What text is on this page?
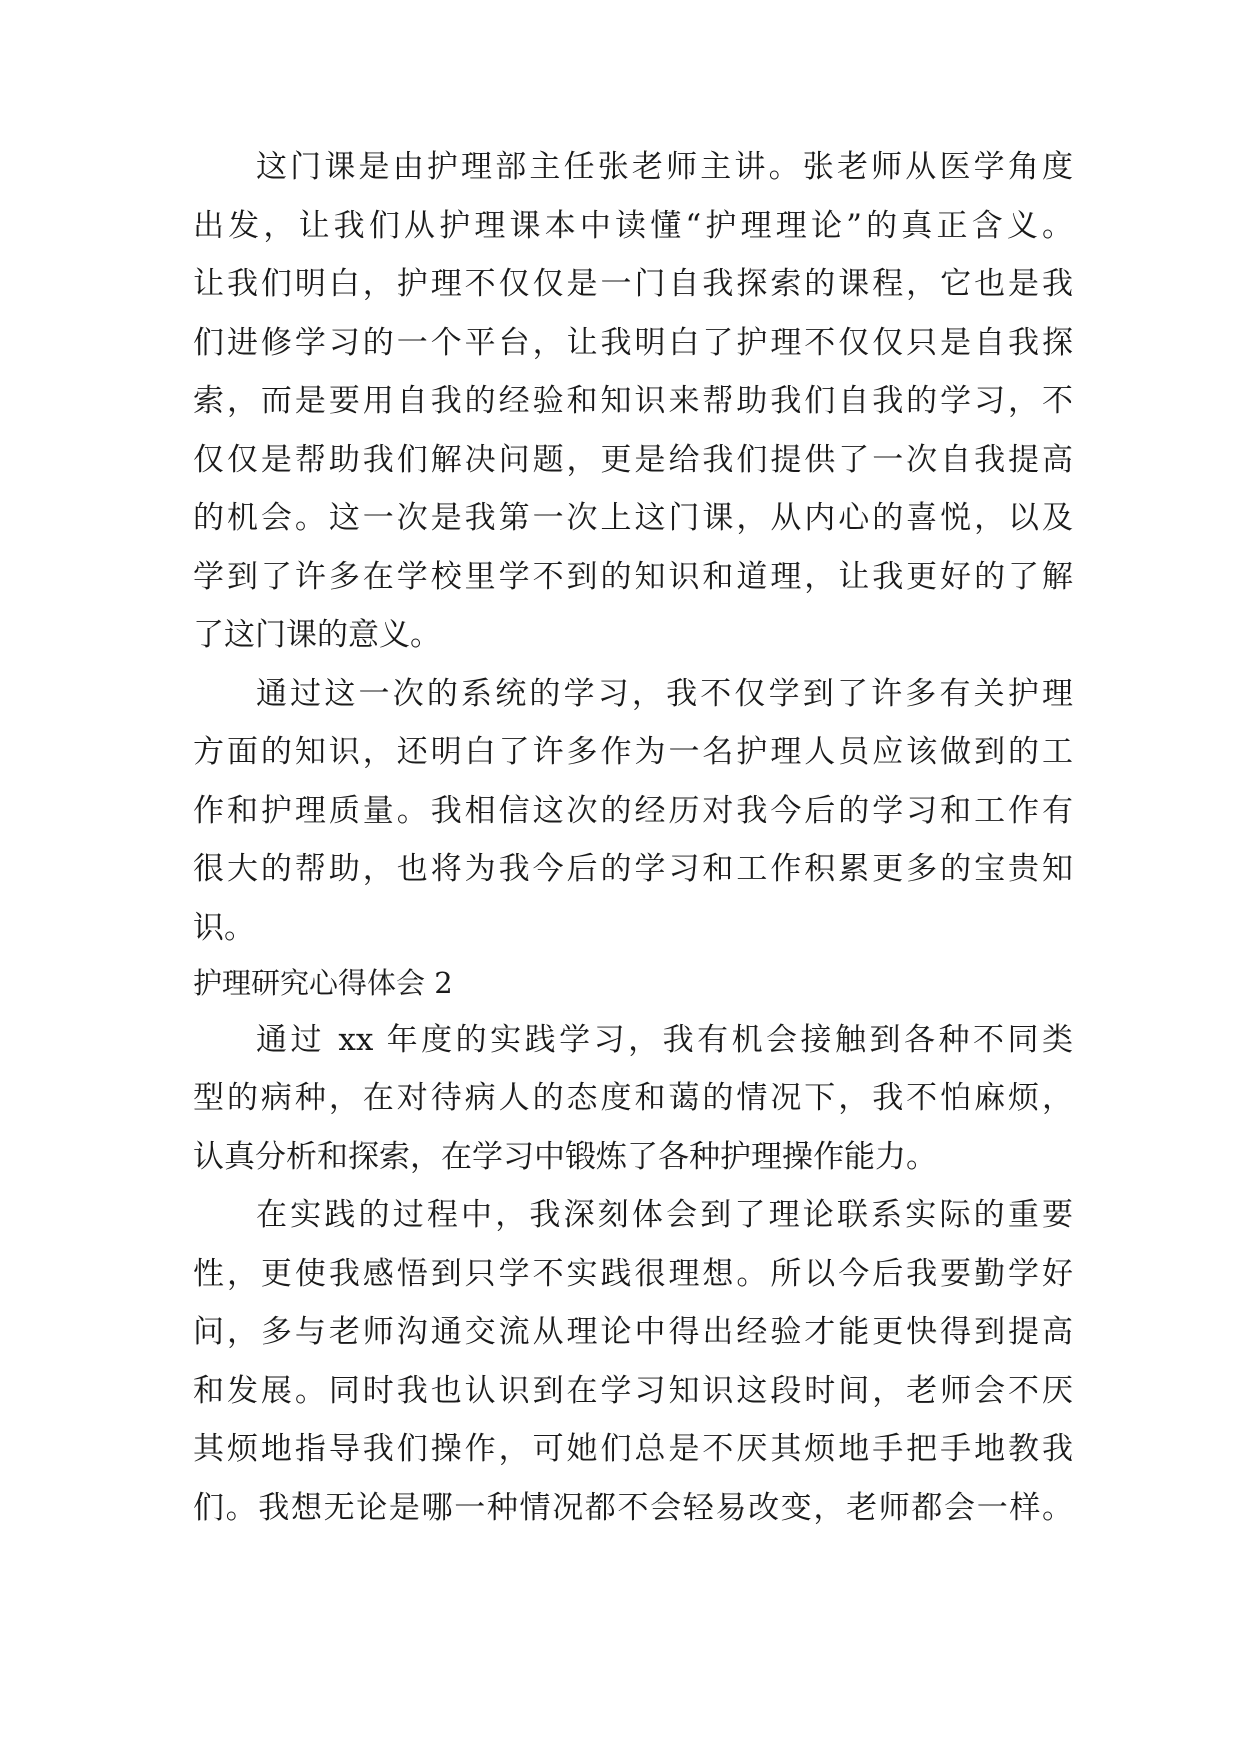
这门课是由护理部主任张老师主讲。张老师从医学角度
出发，让我们从护理课本中读懂“护理理论”的真正含义。
让我们明白，护理不仅仅是一门自我探索的课程，它也是我
们进修学习的一个平台，让我明白了护理不仅仅只是自我探
索，而是要用自我的经验和知识来帮助我们自我的学习，不
仅仅是帮助我们解决问题，更是给我们提供了一次自我提高
的机会。这一次是我第一次上这门课，从内心的喜悦，以及
学到了许多在学校里学不到的知识和道理，让我更好的了解
了这门课的意义。
通过这一次的系统的学习，我不仅学到了许多有关护理
方面的知识，还明白了许多作为一名护理人员应该做到的工
作和护理质量。我相信这次的经历对我今后的学习和工作有
很大的帮助，也将为我今后的学习和工作积累更多的宝贵知
识。
护理研究心得体会 2
通过 xx 年度的实践学习，我有机会接触到各种不同类
型的病种，在对待病人的态度和蔼的情况下，我不怕麻烦，
认真分析和探索，在学习中锻炼了各种护理操作能力。
在实践的过程中，我深刻体会到了理论联系实际的重要
性，更使我感悟到只学不实践很理想。所以今后我要勤学好
问，多与老师沟通交流从理论中得出经验才能更快得到提高
和发展。同时我也认识到在学习知识这段时间，老师会不厌
其烦地指导我们操作，可她们总是不厌其烦地手把手地教我
们。我想无论是哪一种情况都不会轻易改变，老师都会一样。
